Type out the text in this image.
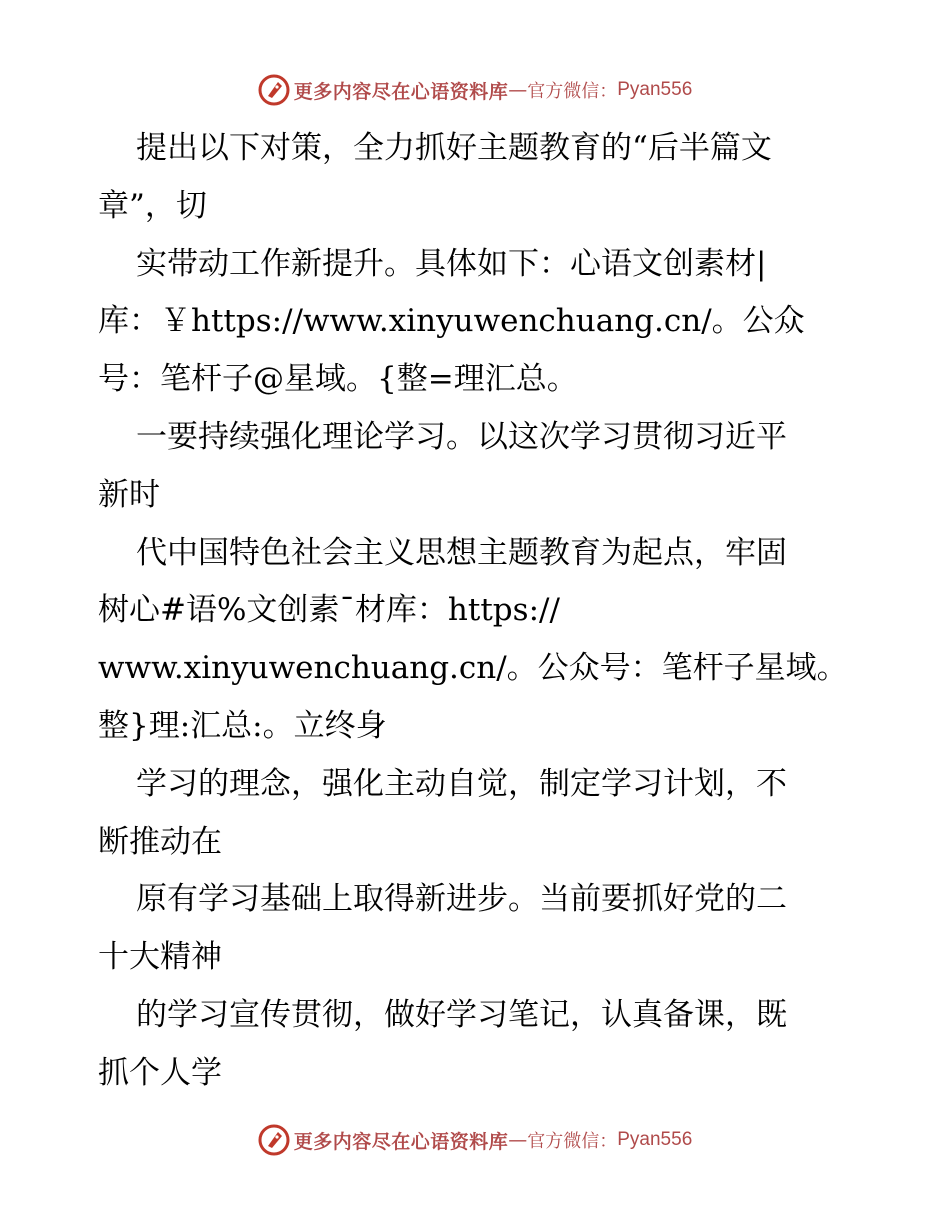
更多内容尽在心语资料库 — 官方微信： Pyan556
提出以下对策，全力抓好主题教育的“后半篇文
章”，切
实带动工作新提升。具体如下：心语文创素材|
库：￥https://www.xinyuwenchuang.cn/。公众
号：笔杆子@星域。{整=理汇总。
一要持续强化理论学习。以这次学习贯彻习近平
新时
代中国特色社会主义思想主题教育为起点，牢固
树心#语%文创素¯材库：https://
www.xinyuwenchuang.cn/。公众号：笔杆子星域。
整}理:汇总:。立终身
学习的理念，强化主动自觉，制定学习计划，不
断推动在
原有学习基础上取得新进步。当前要抓好党的二
十大精神
的学习宣传贯彻，做好学习笔记，认真备课，既
抓个人学
更多内容尽在心语资料库 — 官方微信： Pyan556
